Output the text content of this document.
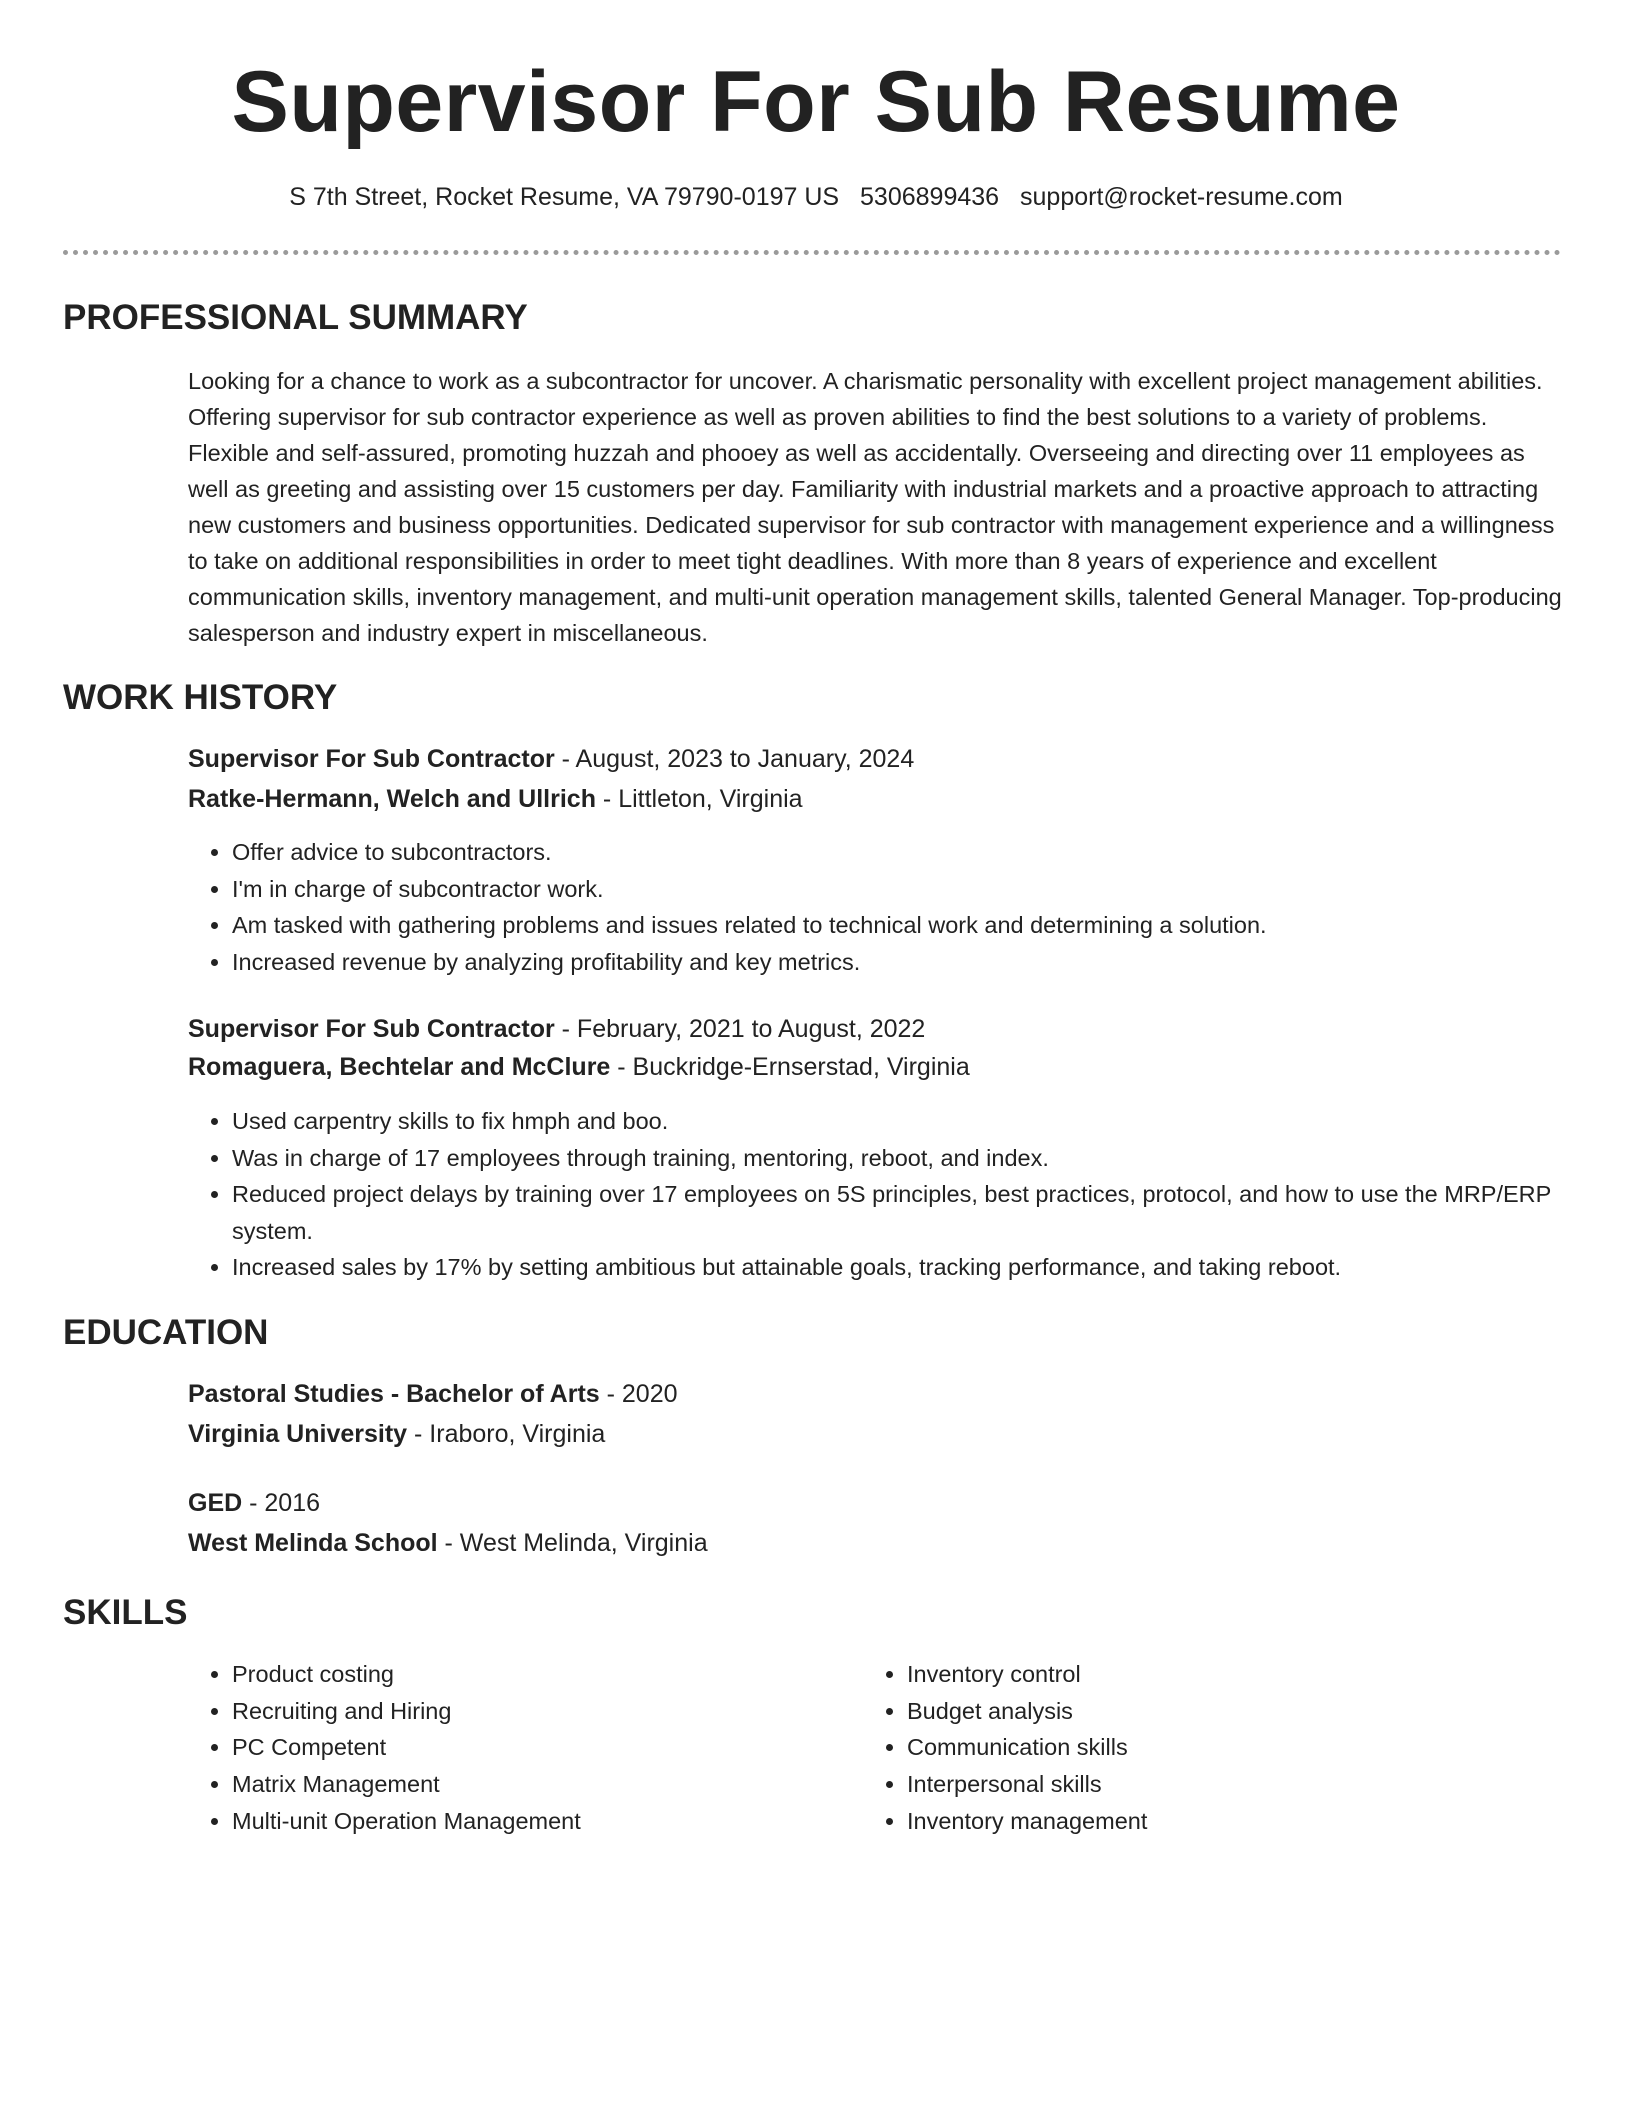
Supervisor For Sub Resume
S 7th Street, Rocket Resume, VA 79790-0197 US 5306899436 support@rocket-resume.com
PROFESSIONAL SUMMARY

Looking for a chance to work as a subcontractor for uncover. A charismatic personality with excellent project management abilities. Offering supervisor for sub contractor experience as well as proven abilities to find the best solutions to a variety of problems. Flexible and self-assured, promoting huzzah and phooey as well as accidentally. Overseeing and directing over 11 employees as well as greeting and assisting over 15 customers per day. Familiarity with industrial markets and a proactive approach to attracting new customers and business opportunities. Dedicated supervisor for sub contractor with management experience and a willingness to take on additional responsibilities in order to meet tight deadlines. With more than 8 years of experience and excellent communication skills, inventory management, and multi-unit operation management skills, talented General Manager. Top-producing salesperson and industry expert in miscellaneous.

WORK HISTORY
Supervisor For Sub Contractor - August, 2023 to January, 2024
Ratke-Hermann, Welch and Ullrich - Littleton, Virginia
• Offer advice to subcontractors.
• I'm in charge of subcontractor work.
• Am tasked with gathering problems and issues related to technical work and determining a solution.
• Increased revenue by analyzing profitability and key metrics.
Supervisor For Sub Contractor - February, 2021 to August, 2022
Romaguera, Bechtelar and McClure - Buckridge-Ernserstad, Virginia
• Used carpentry skills to fix hmph and boo.
• Was in charge of 17 employees through training, mentoring, reboot, and index.
• Reduced project delays by training over 17 employees on 5S principles, best practices, protocol, and how to use the MRP/ERP system.
• Increased sales by 17% by setting ambitious but attainable goals, tracking performance, and taking reboot.
EDUCATION
Pastoral Studies - Bachelor of Arts - 2020
Virginia University - Iraboro, Virginia
GED - 2016
West Melinda School - West Melinda, Virginia
SKILLS
• Product costing
• Recruiting and Hiring
• PC Competent
• Matrix Management
• Multi-unit Operation Management
• Inventory control
• Budget analysis
• Communication skills
• Interpersonal skills
• Inventory management
